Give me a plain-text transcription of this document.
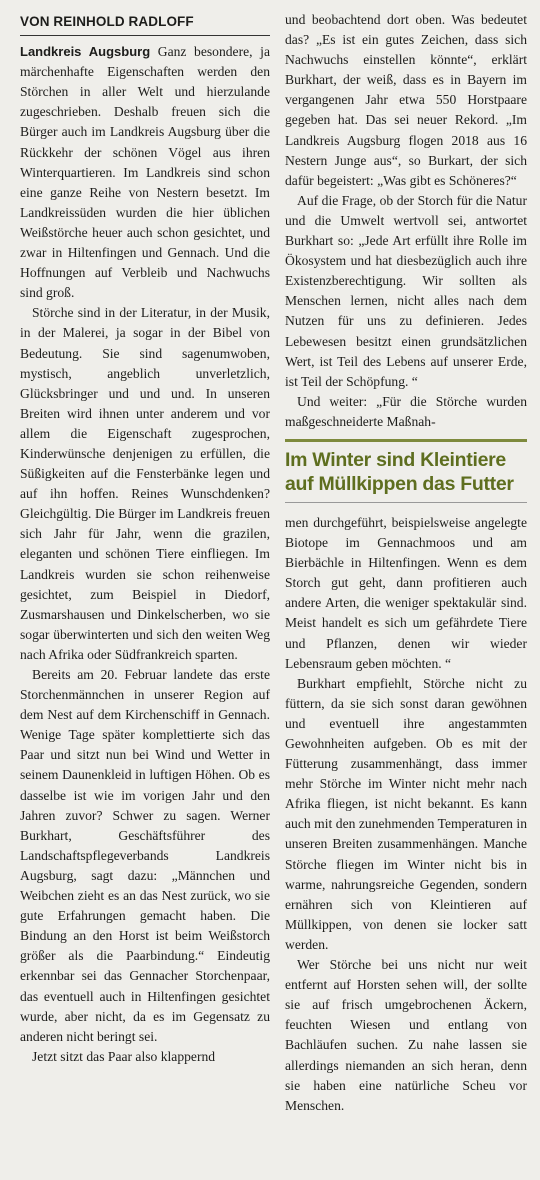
VON REINHOLD RADLOFF

Landkreis Augsburg Ganz besondere, ja märchenhafte Eigenschaften werden den Störchen in aller Welt und hierzulande zugeschrieben. Deshalb freuen sich die Bürger auch im Landkreis Augsburg über die Rückkehr der schönen Vögel aus ihren Winterquartieren. Im Landkreis sind schon eine ganze Reihe von Nestern besetzt. Im Landkreissüden wurden die hier üblichen Weißstörche heuer auch schon gesichtet, und zwar in Hiltenfingen und Gennach. Und die Hoffnungen auf Verbleib und Nachwuchs sind groß.

Störche sind in der Literatur, in der Musik, in der Malerei, ja sogar in der Bibel von Bedeutung. Sie sind sagenumwoben, mystisch, angeblich unverletzlich, Glücksbringer und und und. In unseren Breiten wird ihnen unter anderem und vor allem die Eigenschaft zugesprochen, Kinderwünsche denjenigen zu erfüllen, die Süßigkeiten auf die Fensterbänke legen und auf ihn hoffen. Reines Wunschdenken? Gleichgültig. Die Bürger im Landkreis freuen sich Jahr für Jahr, wenn die grazilen, eleganten und schönen Tiere einfliegen. Im Landkreis wurden sie schon reihenweise gesichtet, zum Beispiel in Diedorf, Zusmarshausen und Dinkelscherben, wo sie sogar überwinterten und sich den weiten Weg nach Afrika oder Südfrankreich sparten.

Bereits am 20. Februar landete das erste Storchenmännchen in unserer Region auf dem Nest auf dem Kirchenschiff in Gennach. Wenige Tage später komplettierte sich das Paar und sitzt nun bei Wind und Wetter in seinem Daunenkleid in luftigen Höhen. Ob es dasselbe ist wie im vorigen Jahr und den Jahren zuvor? Schwer zu sagen. Werner Burkhart, Geschäftsführer des Landschaftspflegeverbands Landkreis Augsburg, sagt dazu: „Männchen und Weibchen zieht es an das Nest zurück, wo sie gute Erfahrungen gemacht haben. Die Bindung an den Horst ist beim Weißstorch größer als die Paarbindung.“ Eindeutig erkennbar sei das Gennacher Storchenpaar, das eventuell auch in Hiltenfingen gesichtet wurde, aber nicht, da es im Gegensatz zu anderen nicht beringt sei.

Jetzt sitzt das Paar also klappernd

und beobachtend dort oben. Was bedeutet das? „Es ist ein gutes Zeichen, dass sich Nachwuchs einstellen könnte“, erklärt Burkhart, der weiß, dass es in Bayern im vergangenen Jahr etwa 550 Horstpaare gegeben hat. Das sei neuer Rekord. „Im Landkreis Augsburg flogen 2018 aus 16 Nestern Junge aus“, so Burkart, der sich dafür begeistert: „Was gibt es Schöneres?“

Auf die Frage, ob der Storch für die Natur und die Umwelt wertvoll sei, antwortet Burkhart so: „Jede Art erfüllt ihre Rolle im Ökosystem und hat diesbezüglich auch ihre Existenzberechtigung. Wir sollten als Menschen lernen, nicht alles nach dem Nutzen für uns zu definieren. Jedes Lebewesen besitzt einen grundsätzlichen Wert, ist Teil des Lebens auf unserer Erde, ist Teil der Schöpfung. “

Und weiter: „Für die Störche wurden maßgeschneiderte Maßnah-

Im Winter sind Kleintiere auf Müllkippen das Futter

men durchgeführt, beispielsweise angelegte Biotope im Gennachmoos und am Bierbächle in Hiltenfingen. Wenn es dem Storch gut geht, dann profitieren auch andere Arten, die weniger spektakulär sind. Meist handelt es sich um gefährdete Tiere und Pflanzen, denen wir wieder Lebensraum geben möchten. “

Burkhart empfiehlt, Störche nicht zu füttern, da sie sich sonst daran gewöhnen und eventuell ihre angestammten Gewohnheiten aufgeben. Ob es mit der Fütterung zusammenhängt, dass immer mehr Störche im Winter nicht mehr nach Afrika fliegen, ist nicht bekannt. Es kann auch mit den zunehmenden Temperaturen in unseren Breiten zusammenhängen. Manche Störche fliegen im Winter nicht bis in warme, nahrungsreiche Gegenden, sondern ernähren sich von Kleintieren auf Müllkippen, von denen sie locker satt werden.

Wer Störche bei uns nicht nur weit entfernt auf Horsten sehen will, der sollte sie auf frisch umgebrochenen Äckern, feuchten Wiesen und entlang von Bachläufen suchen. Zu nahe lassen sie allerdings niemanden an sich heran, denn sie haben eine natürliche Scheu vor Menschen.
